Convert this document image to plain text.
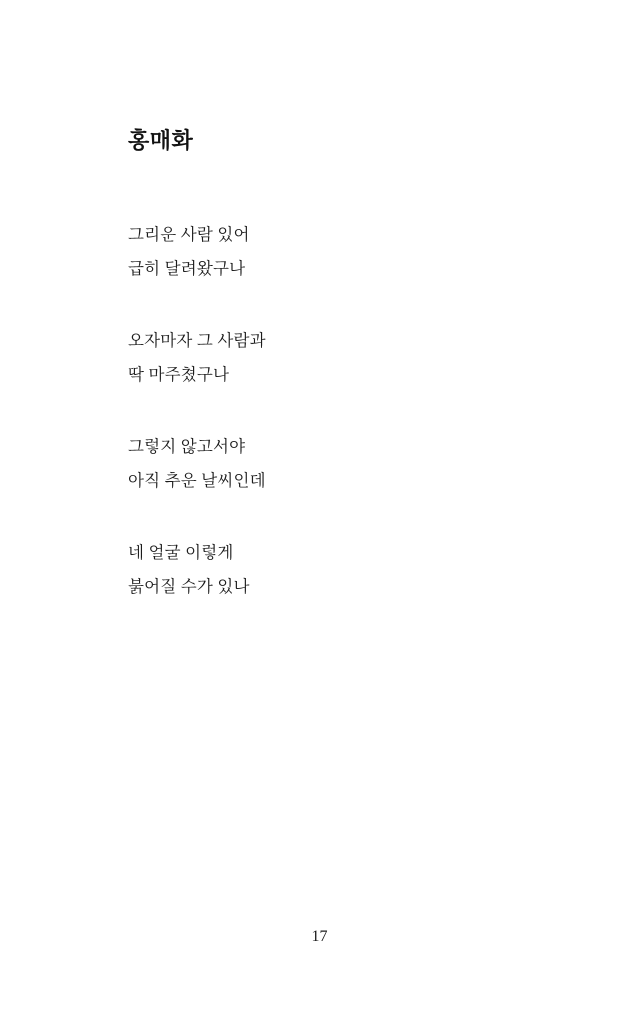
홍매화
그리운 사람 있어
급히 달려왔구나
오자마자 그 사람과
딱 마주쳤구나
그렇지 않고서야
아직 추운 날씨인데
네 얼굴 이렇게
붉어질 수가 있나
17
